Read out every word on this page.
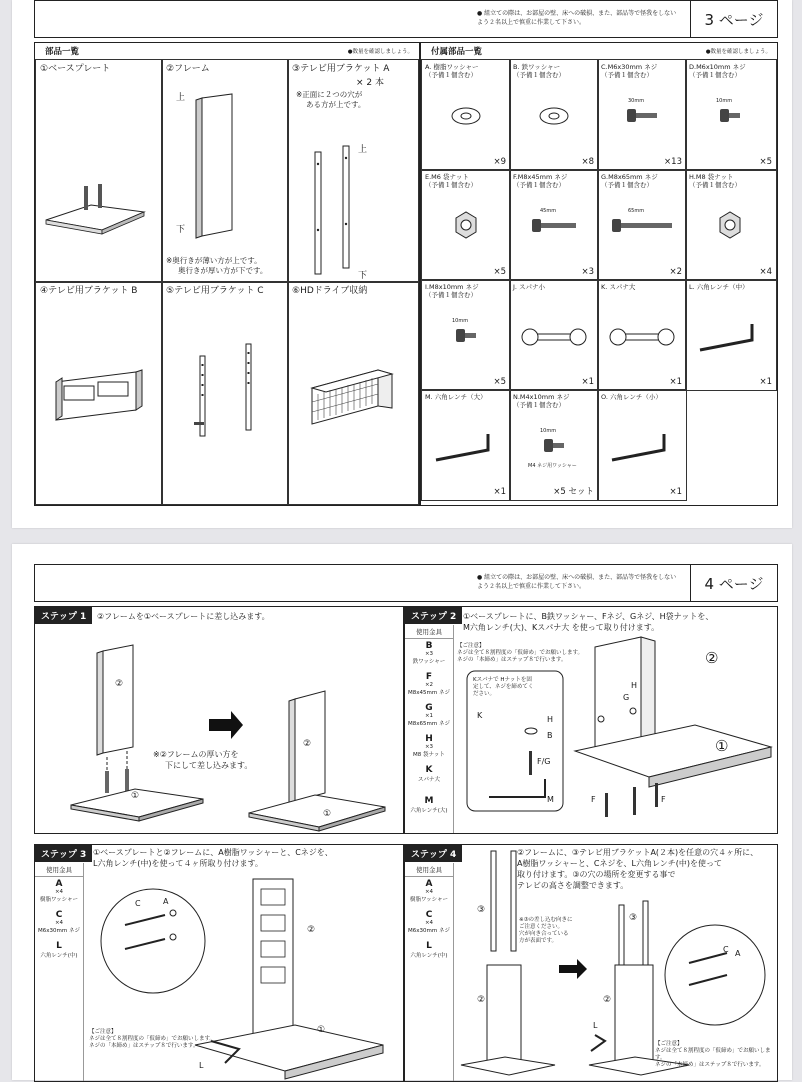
● 組立ての際は、お部屋の壁、床への破損、また、部品等で怪我をしないよう２名以上で慎重に作業して下さい。	3 ページ
部品一覧	●数量を確認しましょう。
①ベースプレート	②フレーム
上
下
※奥行きが薄い方が上です。
奥行きが厚い方が下です。
③テレビ用ブラケット A
× 2 本
※正面に２つの穴が
ある方が上です。
上
下
④テレビ用ブラケット B	⑤テレビ用ブラケット C	⑥HDドライブ収納
付属部品一覧	●数量を確認しましょう。
A. 樹脂ワッシャー
（予備１個含む）
×9
B. 鉄ワッシャー
（予備１個含む）
×8
C.M6x30mm ネジ
（予備１個含む）
30mm
×13
D.M6x10mm ネジ
（予備１個含む）
10mm
×5
E.M6 袋ナット
（予備１個含む）
×5
F.M8x45mm ネジ
（予備１個含む）
45mm
×3
G.M8x65mm ネジ
（予備１個含む）
65mm
×2
H.M8 袋ナット
（予備１個含む）
×4
I.M8x10mm ネジ
（予備１個含む）
10mm
×5
J. スパナ小
×1
K. スパナ大
×1
L. 六角レンチ（中）
×1
M. 六角レンチ（大）
×1
N.M4x10mm ネジ
（予備１個含む）
10mm
M4 ネジ用ワッシャー
×5 セット
O. 六角レンチ（小）
×1
● 組立ての際は、お部屋の壁、床への破損、また、部品等で怪我をしないよう２名以上で慎重に作業して下さい。	4 ページ
ステップ 1	②フレームを①ベースプレートに差し込みます。
※②フレームの厚い方を
下にして差し込みます。
②
①
②
①
ステップ 2 ①ベースプレートに、B鉄ワッシャー、Fネジ、Gネジ、H袋ナットを、
M六角レンチ(大)、Kスパナ大 を使って取り付けます。
使用金具
B
×3
鉄ワッシャー
F
×2
M8x45mm ネジ
G
×1
M8x65mm ネジ
H
×3
M8 袋ナット
K
スパナ大
M
六角レンチ(大)
【ご注意】
ネジは全て８割程度の「仮締め」でお願いします。
ネジの「本締め」はステップ８で行います。
Kスパナで Hナットを固
定して、ネジを締めてく
ださい。
K	H
B
F/G
M	F	F
H
G
②
①
ステップ 3 ①ベースプレートと②フレームに、A樹脂ワッシャーと、Cネジを、
L六角レンチ(中)を使って４ヶ所取り付けます。
使用金具
A
×4
樹脂ワッシャー
C
×4
M6x30mm ネジ
L
六角レンチ(中)
C	A
L
②
①
【ご注意】
ネジは全て８割程度の「仮締め」でお願いします。
ネジの「本締め」はステップ８で行います。
ステップ 4	②フレームに、③テレビ用ブラケットA(２本)を任意の穴４ヶ所に、
A樹脂ワッシャーと、Cネジを、L六角レンチ(中)を使って
取り付けます。③の穴の場所を変更する事で
テレビの高さを調整できます。
使用金具
A
×4
樹脂ワッシャー
C
×4
M6x30mm ネジ
L
六角レンチ(中)
※③の差し込む向きに
ご注意ください。
穴が向き合っている
方が表面です。
C A
L
③
②
③
②
【ご注意】
ネジは全て８割程度の「仮締め」でお願いします。
ネジの「本締め」はステップ８で行います。
